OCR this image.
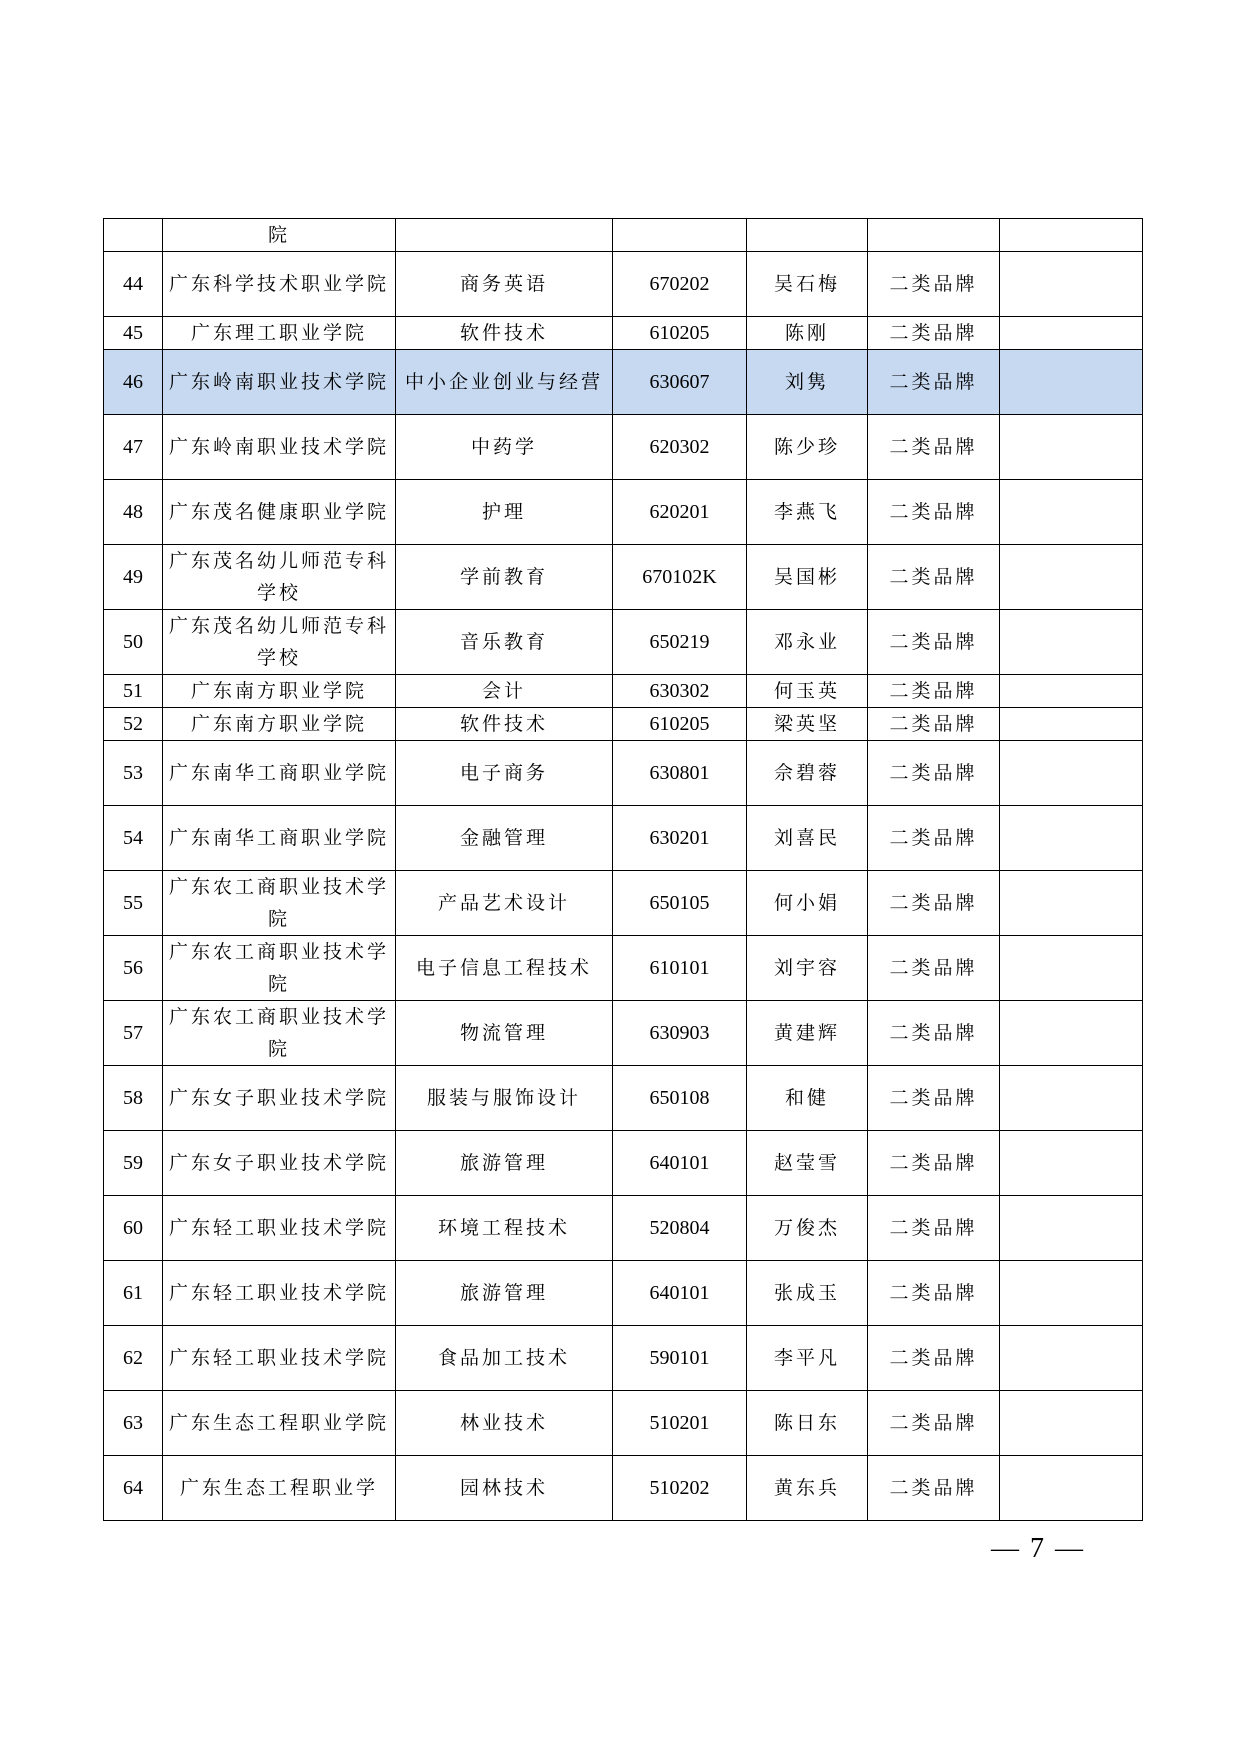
	院					
44	广东科学技术职业学院	商务英语	670202	吴石梅	二类品牌	
45	广东理工职业学院	软件技术	610205	陈刚	二类品牌	
46	广东岭南职业技术学院	中小企业创业与经营	630607	刘隽	二类品牌	
47	广东岭南职业技术学院	中药学	620302	陈少珍	二类品牌	
48	广东茂名健康职业学院	护理	620201	李燕飞	二类品牌	
49	广东茂名幼儿师范专科学校	学前教育	670102K	吴国彬	二类品牌	
50	广东茂名幼儿师范专科学校	音乐教育	650219	邓永业	二类品牌	
51	广东南方职业学院	会计	630302	何玉英	二类品牌	
52	广东南方职业学院	软件技术	610205	梁英坚	二类品牌	
53	广东南华工商职业学院	电子商务	630801	佘碧蓉	二类品牌	
54	广东南华工商职业学院	金融管理	630201	刘喜民	二类品牌	
55	广东农工商职业技术学院	产品艺术设计	650105	何小娟	二类品牌	
56	广东农工商职业技术学院	电子信息工程技术	610101	刘宇容	二类品牌	
57	广东农工商职业技术学院	物流管理	630903	黄建辉	二类品牌	
58	广东女子职业技术学院	服装与服饰设计	650108	和健	二类品牌	
59	广东女子职业技术学院	旅游管理	640101	赵莹雪	二类品牌	
60	广东轻工职业技术学院	环境工程技术	520804	万俊杰	二类品牌	
61	广东轻工职业技术学院	旅游管理	640101	张成玉	二类品牌	
62	广东轻工职业技术学院	食品加工技术	590101	李平凡	二类品牌	
63	广东生态工程职业学院	林业技术	510201	陈日东	二类品牌	
64	广东生态工程职业学	园林技术	510202	黄东兵	二类品牌	
— 7 —
